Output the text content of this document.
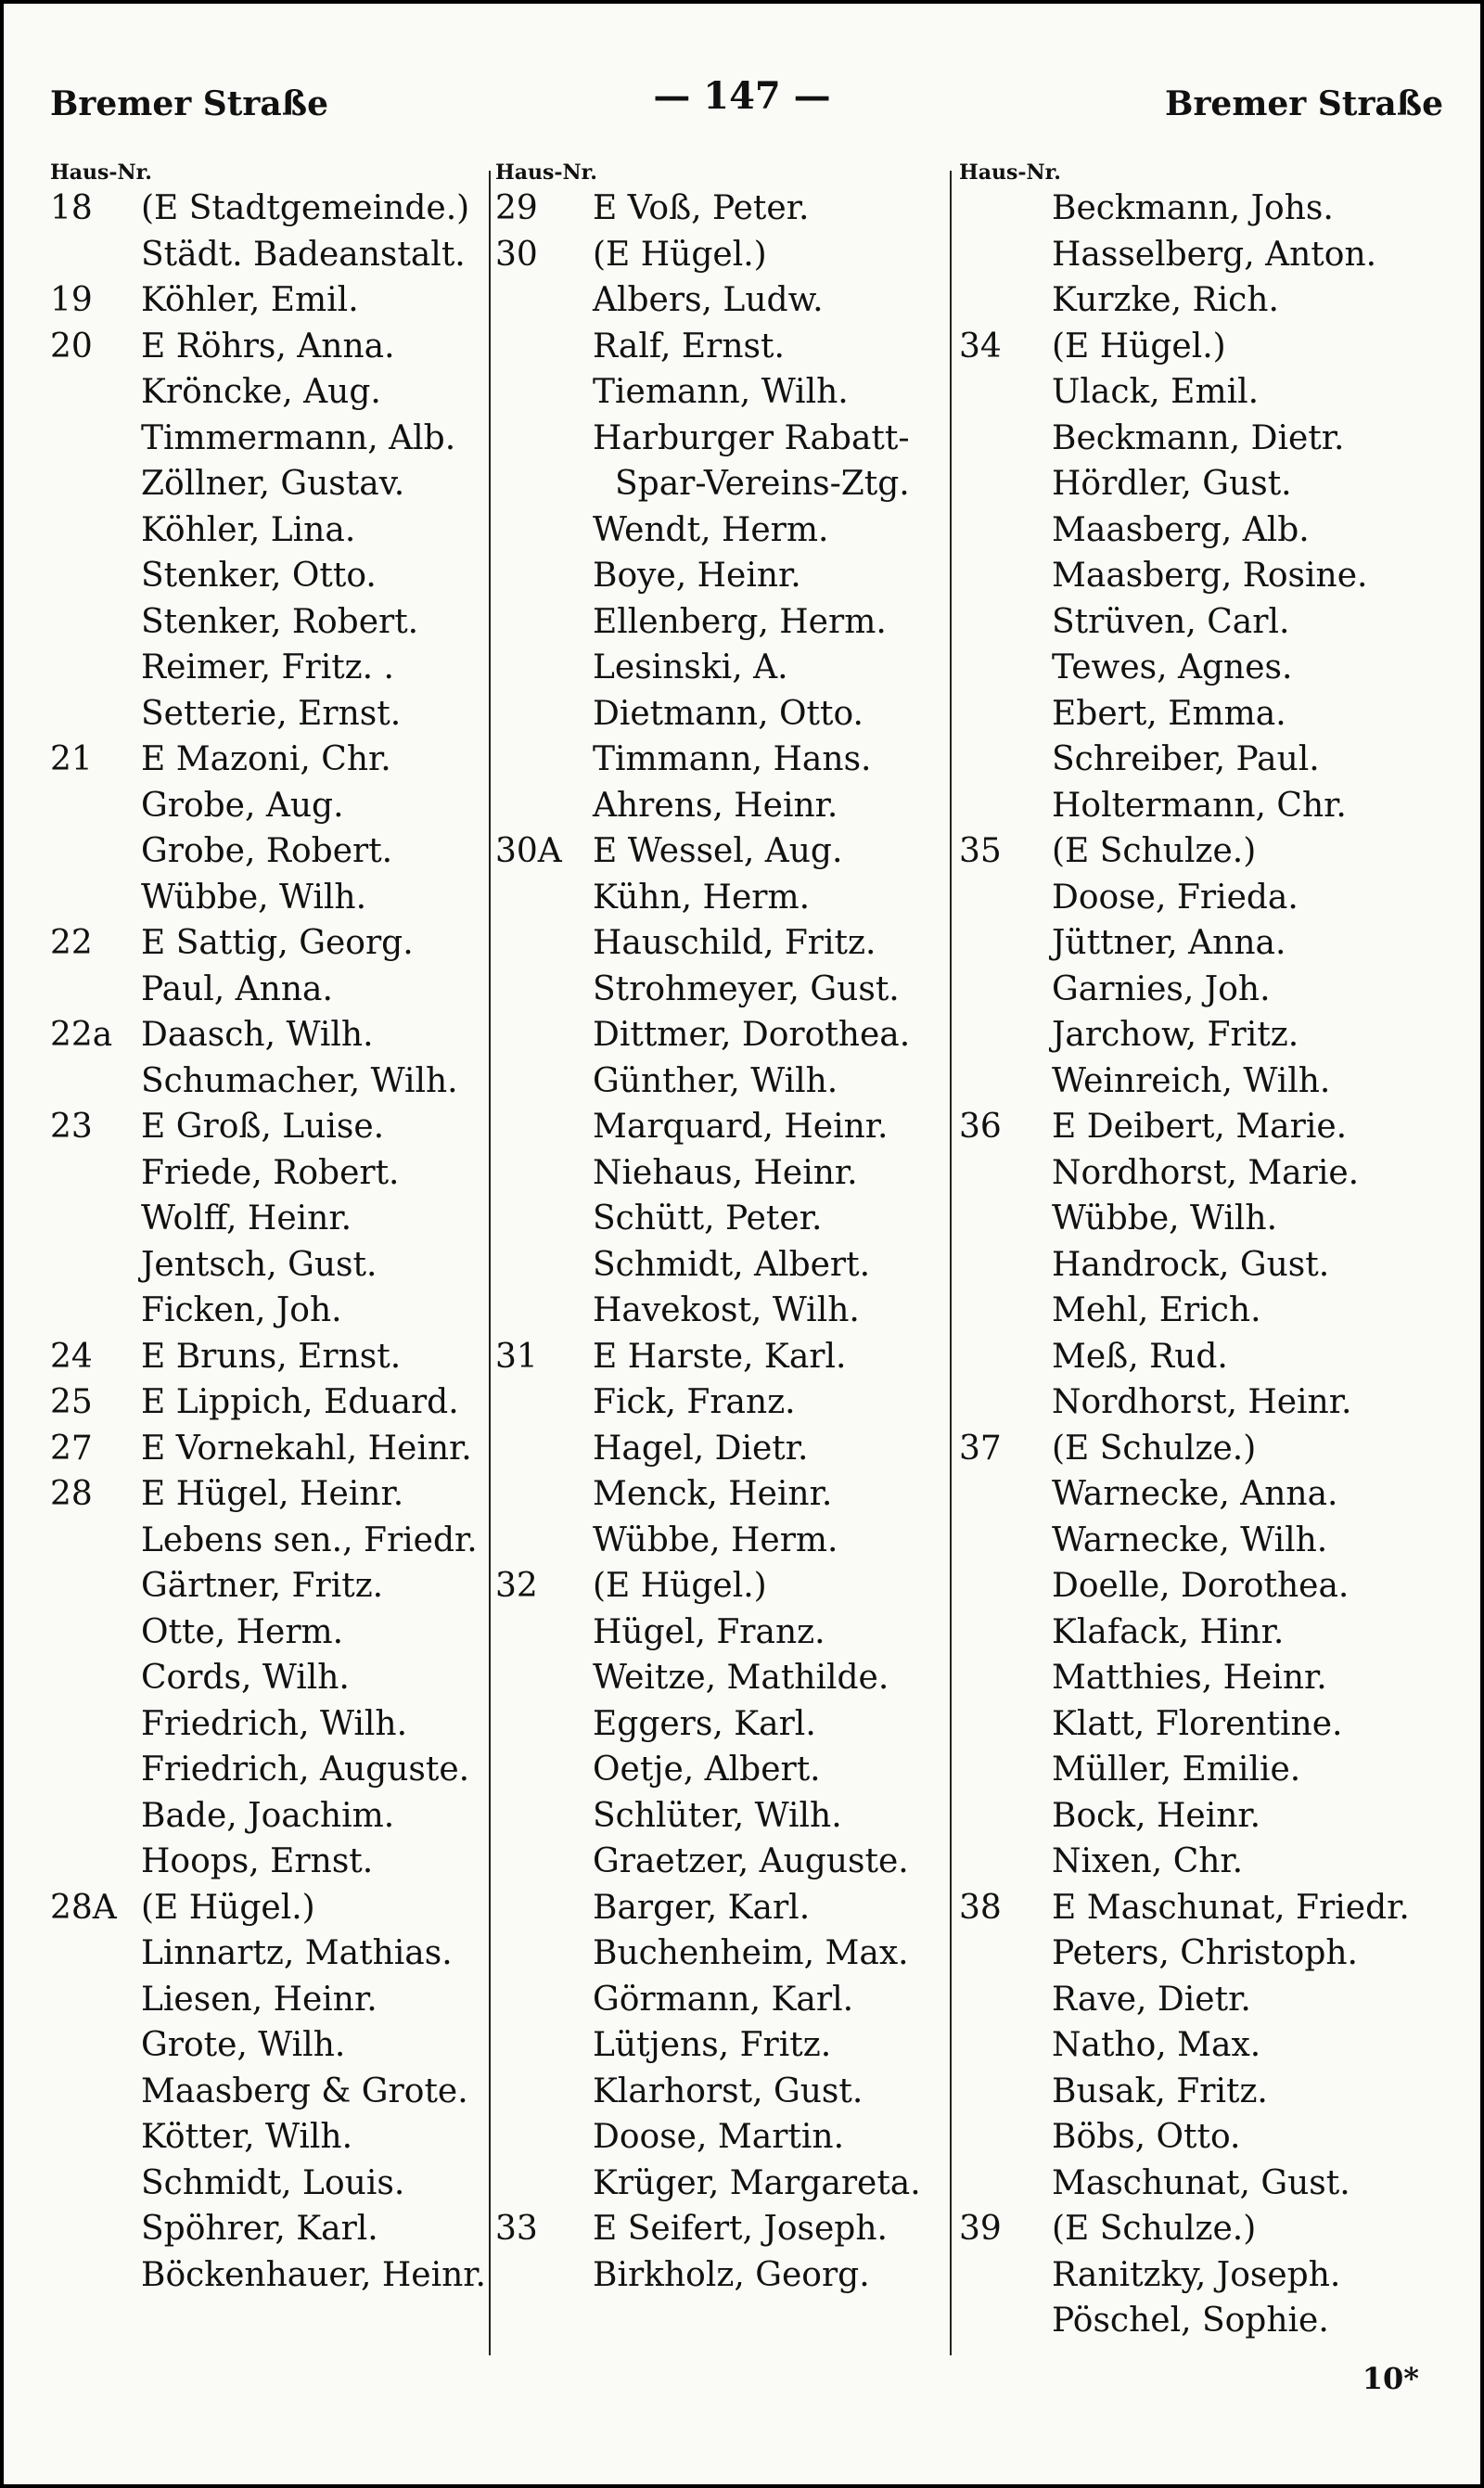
Bremer Straße	— 147 —	Bremer Straße
Haus-Nr.
18 (E Stadtgemeinde.)
Städt. Badeanstalt.
19 Köhler, Emil.
20 E Röhrs, Anna.
Kröncke, Aug.
Timmermann, Alb.
Zöllner, Gustav.
Köhler, Lina.
Stenker, Otto.
Stenker, Robert.
Reimer, Fritz. .
Setterie, Ernst.
21 E Mazoni, Chr.
Grobe, Aug.
Grobe, Robert.
Wübbe, Wilh.
22 E Sattig, Georg.
Paul, Anna.
22a Daasch, Wilh.
Schumacher, Wilh.
23 E Groß, Luise.
Friede, Robert.
Wolff, Heinr.
Jentsch, Gust.
Ficken, Joh.
24 E Bruns, Ernst.
25 E Lippich, Eduard.
27 E Vornekahl, Heinr.
28 E Hügel, Heinr.
Lebens sen., Friedr.
Gärtner, Fritz.
Otte, Herm.
Cords, Wilh.
Friedrich, Wilh.
Friedrich, Auguste.
Bade, Joachim.
Hoops, Ernst.
28A (E Hügel.)
Linnartz, Mathias.
Liesen, Heinr.
Grote, Wilh.
Maasberg & Grote.
Kötter, Wilh.
Schmidt, Louis.
Spöhrer, Karl.
Böckenhauer, Heinr.
Haus-Nr.
29 E Voß, Peter.
30 (E Hügel.)
Albers, Ludw.
Ralf, Ernst.
Tiemann, Wilh.
Harburger Rabatt-
Spar-Vereins-Ztg.
Wendt, Herm.
Boye, Heinr.
Ellenberg, Herm.
Lesinski, A.
Dietmann, Otto.
Timmann, Hans.
Ahrens, Heinr.
30A E Wessel, Aug.
Kühn, Herm.
Hauschild, Fritz.
Strohmeyer, Gust.
Dittmer, Dorothea.
Günther, Wilh.
Marquard, Heinr.
Niehaus, Heinr.
Schütt, Peter.
Schmidt, Albert.
Havekost, Wilh.
31 E Harste, Karl.
Fick, Franz.
Hagel, Dietr.
Menck, Heinr.
Wübbe, Herm.
32 (E Hügel.)
Hügel, Franz.
Weitze, Mathilde.
Eggers, Karl.
Oetje, Albert.
Schlüter, Wilh.
Graetzer, Auguste.
Barger, Karl.
Buchenheim, Max.
Görmann, Karl.
Lütjens, Fritz.
Klarhorst, Gust.
Doose, Martin.
Krüger, Margareta.
33 E Seifert, Joseph.
Birkholz, Georg.
Haus-Nr.
Beckmann, Johs.
Hasselberg, Anton.
Kurzke, Rich.
34 (E Hügel.)
Ulack, Emil.
Beckmann, Dietr.
Hördler, Gust.
Maasberg, Alb.
Maasberg, Rosine.
Strüven, Carl.
Tewes, Agnes.
Ebert, Emma.
Schreiber, Paul.
Holtermann, Chr.
35 (E Schulze.)
Doose, Frieda.
Jüttner, Anna.
Garnies, Joh.
Jarchow, Fritz.
Weinreich, Wilh.
36 E Deibert, Marie.
Nordhorst, Marie.
Wübbe, Wilh.
Handrock, Gust.
Mehl, Erich.
Meß, Rud.
Nordhorst, Heinr.
37 (E Schulze.)
Warnecke, Anna.
Warnecke, Wilh.
Doelle, Dorothea.
Klafack, Hinr.
Matthies, Heinr.
Klatt, Florentine.
Müller, Emilie.
Bock, Heinr.
Nixen, Chr.
38 E Maschunat, Friedr.
Peters, Christoph.
Rave, Dietr.
Natho, Max.
Busak, Fritz.
Böbs, Otto.
Maschunat, Gust.
39 (E Schulze.)
Ranitzky, Joseph.
Pöschel, Sophie.
10*
